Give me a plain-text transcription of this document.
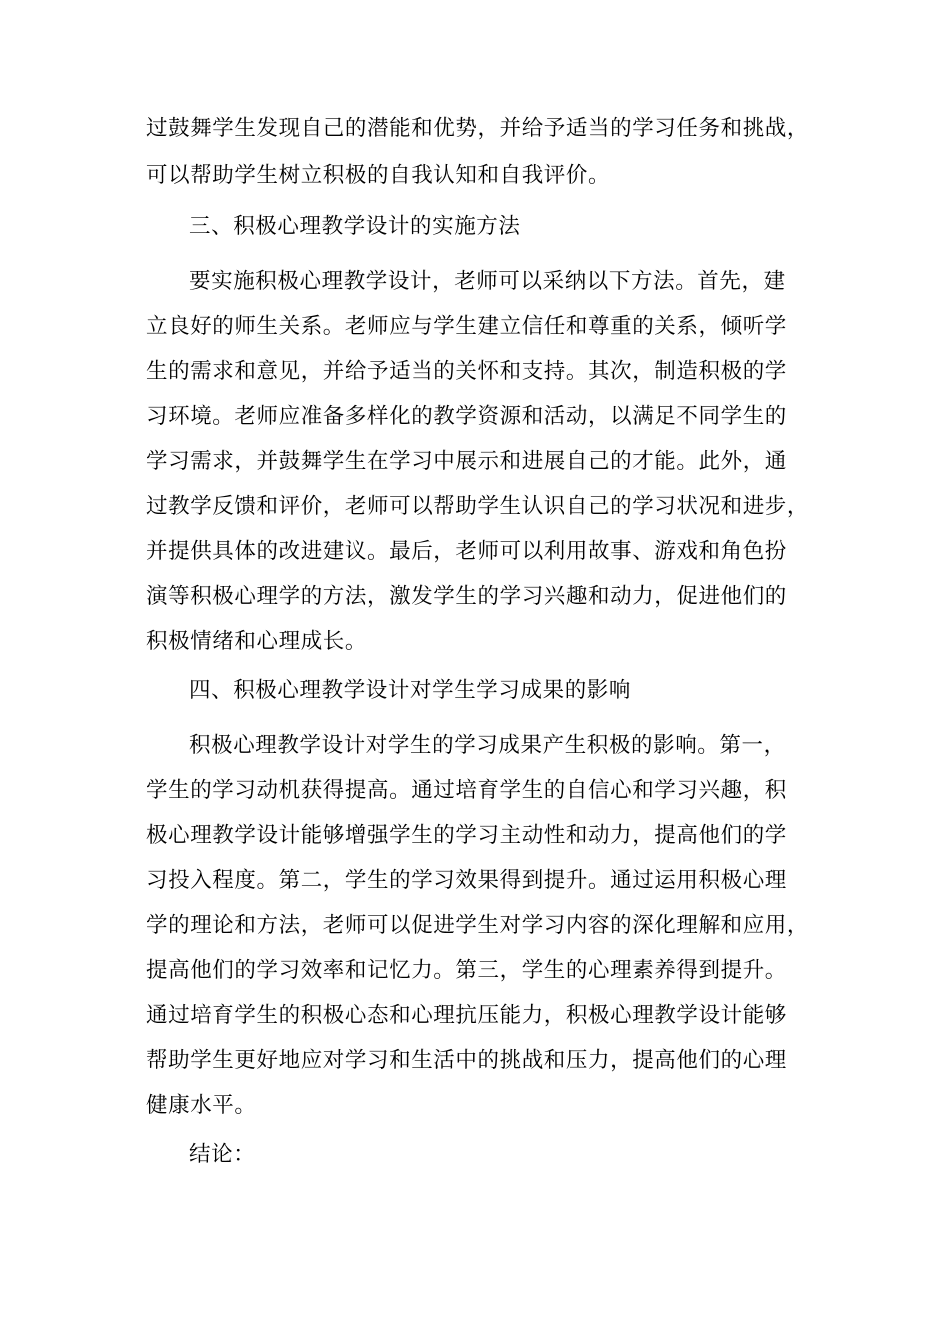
过鼓舞学生发现自己的潜能和优势，并给予适当的学习任务和挑战，
可以帮助学生树立积极的自我认知和自我评价。
三、积极心理教学设计的实施方法
要实施积极心理教学设计，老师可以采纳以下方法。首先，建
立良好的师生关系。老师应与学生建立信任和尊重的关系，倾听学
生的需求和意见，并给予适当的关怀和支持。其次，制造积极的学
习环境。老师应准备多样化的教学资源和活动，以满足不同学生的
学习需求，并鼓舞学生在学习中展示和进展自己的才能。此外，通
过教学反馈和评价，老师可以帮助学生认识自己的学习状况和进步，
并提供具体的改进建议。最后，老师可以利用故事、游戏和角色扮
演等积极心理学的方法，激发学生的学习兴趣和动力，促进他们的
积极情绪和心理成长。
四、积极心理教学设计对学生学习成果的影响
积极心理教学设计对学生的学习成果产生积极的影响。第一，
学生的学习动机获得提高。通过培育学生的自信心和学习兴趣，积
极心理教学设计能够增强学生的学习主动性和动力，提高他们的学
习投入程度。第二，学生的学习效果得到提升。通过运用积极心理
学的理论和方法，老师可以促进学生对学习内容的深化理解和应用，
提高他们的学习效率和记忆力。第三，学生的心理素养得到提升。
通过培育学生的积极心态和心理抗压能力，积极心理教学设计能够
帮助学生更好地应对学习和生活中的挑战和压力，提高他们的心理
健康水平。
结论：
